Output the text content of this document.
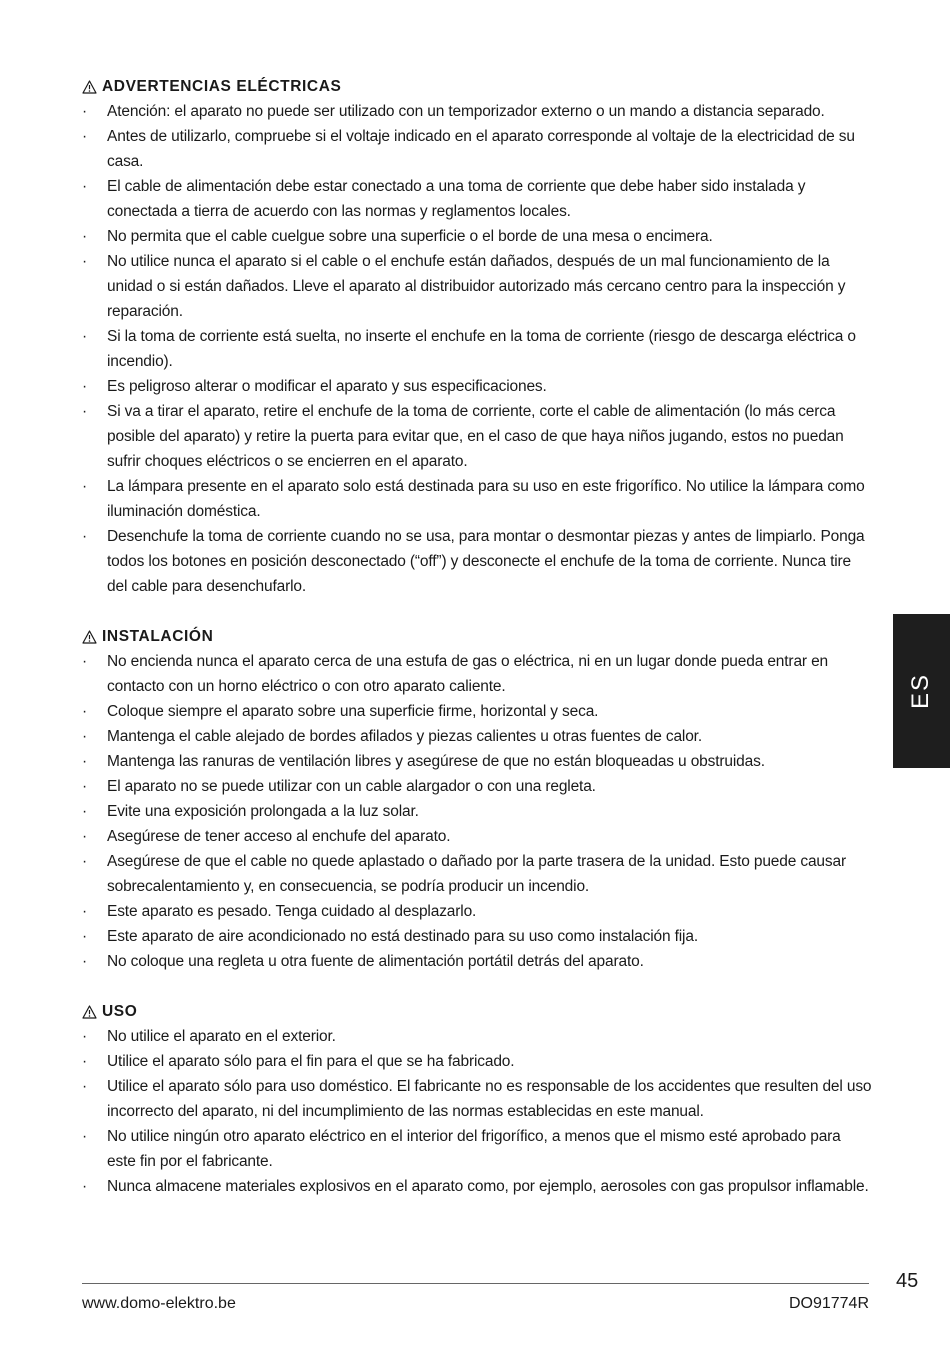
ADVERTENCIAS ELÉCTRICAS
·	Atención: el aparato no puede ser utilizado con un temporizador externo o un mando a distancia separado.
·	Antes de utilizarlo, compruebe si el voltaje indicado en el aparato corresponde al voltaje de la electricidad de su casa.
·	El cable de alimentación debe estar conectado a una toma de corriente que debe haber sido instalada y conectada a tierra de acuerdo con las normas y reglamentos locales.
·	No permita que el cable cuelgue sobre una superficie o el borde de una mesa o encimera.
·	No utilice nunca el aparato si el cable o el enchufe están dañados, después de un mal funcionamiento de la unidad o si están dañados. Lleve el aparato al distribuidor autorizado más cercano centro para la inspección y reparación.
·	Si la toma de corriente está suelta, no inserte el enchufe en la toma de corriente (riesgo de descarga eléctrica o incendio).
·	Es peligroso alterar o modificar el aparato y sus especificaciones.
·	Si va a tirar el aparato, retire el enchufe de la toma de corriente, corte el cable de alimentación (lo más cerca posible del aparato) y retire la puerta para evitar que, en el caso de que haya niños jugando, estos no puedan sufrir choques eléctricos o se encierren en el aparato.
·	La lámpara presente en el aparato solo está destinada para su uso en este frigorífico. No utilice la lámpara como iluminación doméstica.
·	Desenchufe la toma de corriente cuando no se usa, para montar o desmontar piezas y antes de limpiarlo. Ponga todos los botones en posición desconectado (“off”) y desconecte el enchufe de la toma de corriente. Nunca tire del cable para desenchufarlo.
INSTALACIÓN
·	No encienda nunca el aparato cerca de una estufa de gas o eléctrica, ni en un lugar donde pueda entrar en contacto con un horno eléctrico o con otro aparato caliente.
·	Coloque siempre el aparato sobre una superficie firme, horizontal y seca.
·	Mantenga el cable alejado de bordes afilados y piezas calientes u otras fuentes de calor.
·	Mantenga las ranuras de ventilación libres y asegúrese de que no están bloqueadas u obstruidas.
·	El aparato no se puede utilizar con un cable alargador o con una regleta.
·	Evite una exposición prolongada a la luz solar.
·	Asegúrese de tener acceso al enchufe del aparato.
·	Asegúrese de que el cable no quede aplastado o dañado por la parte trasera de la unidad. Esto puede causar sobrecalentamiento y, en consecuencia, se podría producir un incendio.
·	Este aparato es pesado. Tenga cuidado al desplazarlo.
·	Este aparato de aire acondicionado no está destinado para su uso como instalación fija.
·	No coloque una regleta u otra fuente de alimentación portátil detrás del aparato.
USO
·	No utilice el aparato en el exterior.
·	Utilice el aparato sólo para el fin para el que se ha fabricado.
·	Utilice el aparato sólo para uso doméstico. El fabricante no es responsable de los accidentes que resulten del uso incorrecto del aparato, ni del incumplimiento de las normas establecidas en este manual.
·	No utilice ningún otro aparato eléctrico en el interior del frigorífico, a menos que el mismo esté aprobado para este fin por el fabricante.
·	Nunca almacene materiales explosivos en el aparato como, por ejemplo, aerosoles con gas propulsor inflamable.
ES
45
www.domo-elektro.be	DO91774R
